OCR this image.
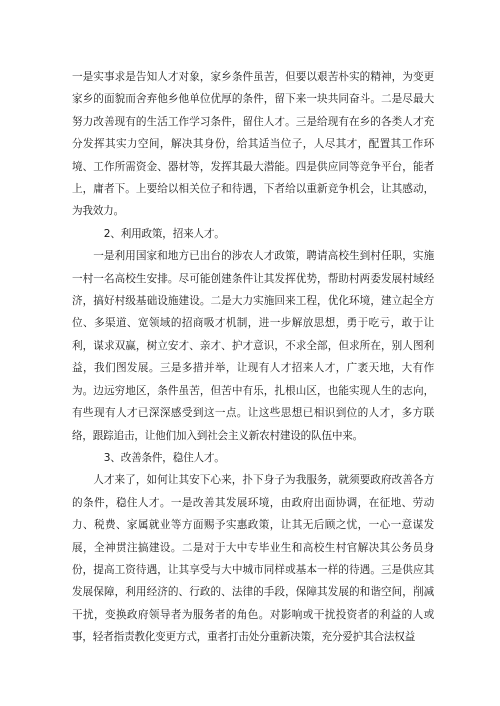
一是实事求是告知人才对象，家乡条件虽苦，但要以艰苦朴实的精神，为变更家乡的面貌而舍弃他乡他单位优厚的条件，留下来一块共同奋斗。二是尽最大努力改善现有的生活工作学习条件，留住人才。三是给现有在乡的各类人才充分发挥其实力空间，解决其身份，给其适当位子，人尽其才，配置其工作环境、工作所需资金、器材等，发挥其最大潜能。四是供应同等竞争平台，能者上，庸者下。上要给以相关位子和待遇，下者给以重新竞争机会，让其感动，为我效力。

2、利用政策，招来人才。

一是利用国家和地方已出台的涉农人才政策，聘请高校生到村任职，实施一村一名高校生安排。尽可能创建条件让其发挥优势，帮助村两委发展村域经济，搞好村级基础设施建设。二是大力实施回来工程，优化环境，建立起全方位、多渠道、宽领域的招商吸才机制，进一步解放思想，勇于吃亏，敢于让利，谋求双赢，树立安才、亲才、护才意识，不求全部，但求所在，别人图利益，我们图发展。三是多措并举，让现有人才招来人才，广袤天地，大有作为。边远穷地区，条件虽苦，但苦中有乐，扎根山区，也能实现人生的志向，有些现有人才已深深感受到这一点。让这些思想已相识到位的人才，多方联络，跟踪追击，让他们加入到社会主义新农村建设的队伍中来。

3、改善条件，稳住人才。

人才来了，如何让其安下心来，扑下身子为我服务，就须要政府改善各方的条件，稳住人才。一是改善其发展环境，由政府出面协调，在征地、劳动力、税费、家属就业等方面赐予实惠政策，让其无后顾之忧，一心一意谋发展，全神贯注搞建设。二是对于大中专毕业生和高校生村官解决其公务员身份，提高工资待遇，让其享受与大中城市同样或基本一样的待遇。三是供应其发展保障，利用经济的、行政的、法律的手段，保障其发展的和谐空间，削减干扰，变换政府领导者为服务者的角色。对影响或干扰投资者的利益的人或事，轻者指责教化变更方式，重者打击处分重新决策，充分爱护其合法权益
